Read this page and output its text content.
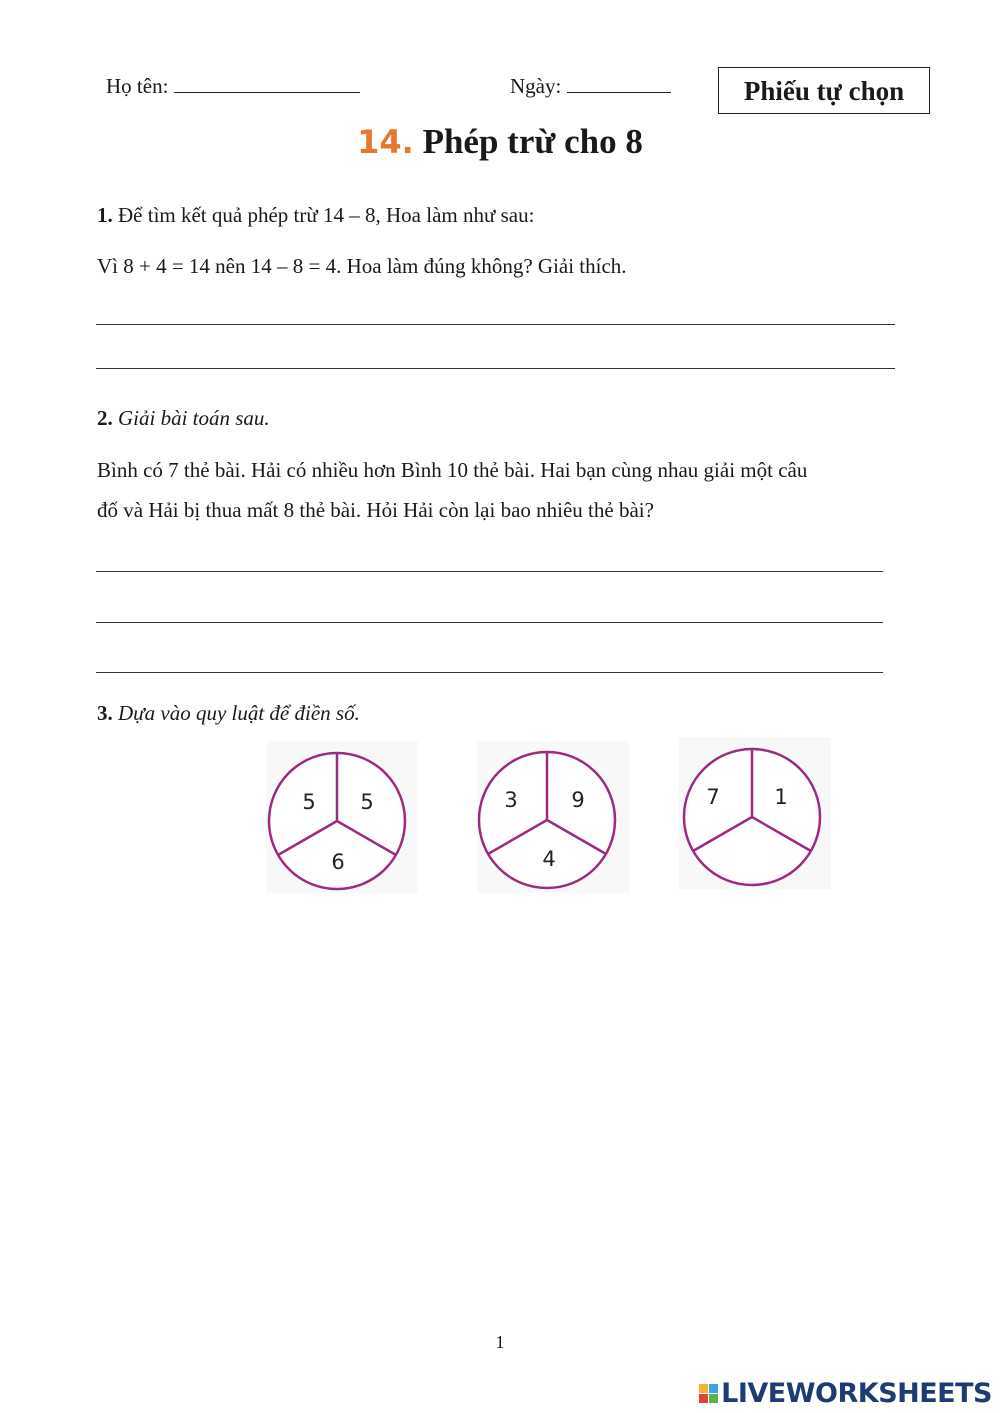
Họ tên:	Ngày:	Phiếu tự chọn
14. Phép trừ cho 8
1. Để tìm kết quả phép trừ 14 – 8, Hoa làm như sau:
Vì 8 + 4 = 14 nên 14 – 8 = 4. Hoa làm đúng không? Giải thích.
2. Giải bài toán sau.
Bình có 7 thẻ bài. Hải có nhiều hơn Bình 10 thẻ bài. Hai bạn cùng nhau giải một câu
đố và Hải bị thua mất 8 thẻ bài. Hỏi Hải còn lại bao nhiêu thẻ bài?
3. Dựa vào quy luật để điền số.
5 5
6
3	9
4
7	1
1
LIVEWORKSHEETS
